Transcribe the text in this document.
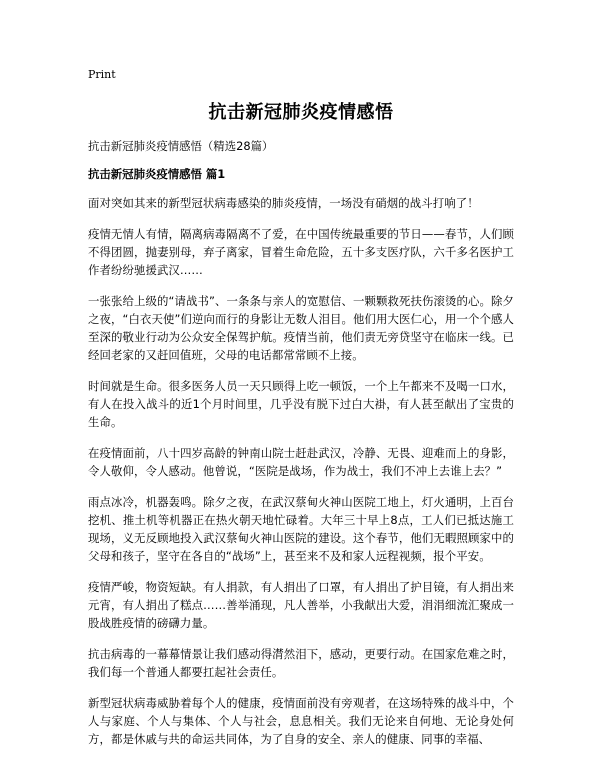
Print
抗击新冠肺炎疫情感悟
抗击新冠肺炎疫情感悟（精选28篇）
抗击新冠肺炎疫情感悟 篇1

面对突如其来的新型冠状病毒感染的肺炎疫情，一场没有硝烟的战斗打响了！

疫情无情人有情，隔离病毒隔离不了爱，在中国传统最重要的节日——春节，人们顾不得团圆，抛妻别母，弃子离家，冒着生命危险，五十多支医疗队，六千多名医护工作者纷纷驰援武汉……

一张张给上级的“请战书”、一条条与亲人的宽慰信、一颗颗救死扶伤滚烫的心。除夕之夜，“白衣天使”们逆向而行的身影让无数人泪目。他们用大医仁心，用一个个感人至深的敬业行动为公众安全保驾护航。疫情当前，他们责无旁贷坚守在临床一线。已经回老家的又赶回值班，父母的电话都常常顾不上接。

时间就是生命。很多医务人员一天只顾得上吃一顿饭，一个上午都来不及喝一口水，有人在投入战斗的近1个月时间里，几乎没有脱下过白大褂，有人甚至献出了宝贵的生命。

在疫情面前，八十四岁高龄的钟南山院士赶赴武汉，冷静、无畏、迎难而上的身影，令人敬仰，令人感动。他曾说，“医院是战场，作为战士，我们不冲上去谁上去？”

雨点冰冷，机器轰鸣。除夕之夜，在武汉蔡甸火神山医院工地上，灯火通明，上百台挖机、推土机等机器正在热火朝天地忙碌着。大年三十早上8点，工人们已抵达施工现场，义无反顾地投入武汉蔡甸火神山医院的建设。这个春节，他们无暇照顾家中的父母和孩子，坚守在各自的“战场”上，甚至来不及和家人远程视频，报个平安。

疫情严峻，物资短缺。有人捐款，有人捐出了口罩，有人捐出了护目镜，有人捐出来元宵，有人捐出了糕点……善举涌现，凡人善举，小我献出大爱，涓涓细流汇聚成一股战胜疫情的磅礴力量。

抗击病毒的一幕幕情景让我们感动得潸然泪下，感动，更要行动。在国家危难之时，我们每一个普通人都要扛起社会责任。

新型冠状病毒威胁着每个人的健康，疫情面前没有旁观者，在这场特殊的战斗中，个人与家庭、个人与集体、个人与社会，息息相关。我们无论来自何地、无论身处何方，都是休戚与共的命运共同体，为了自身的安全、亲人的健康、同事的幸福、
